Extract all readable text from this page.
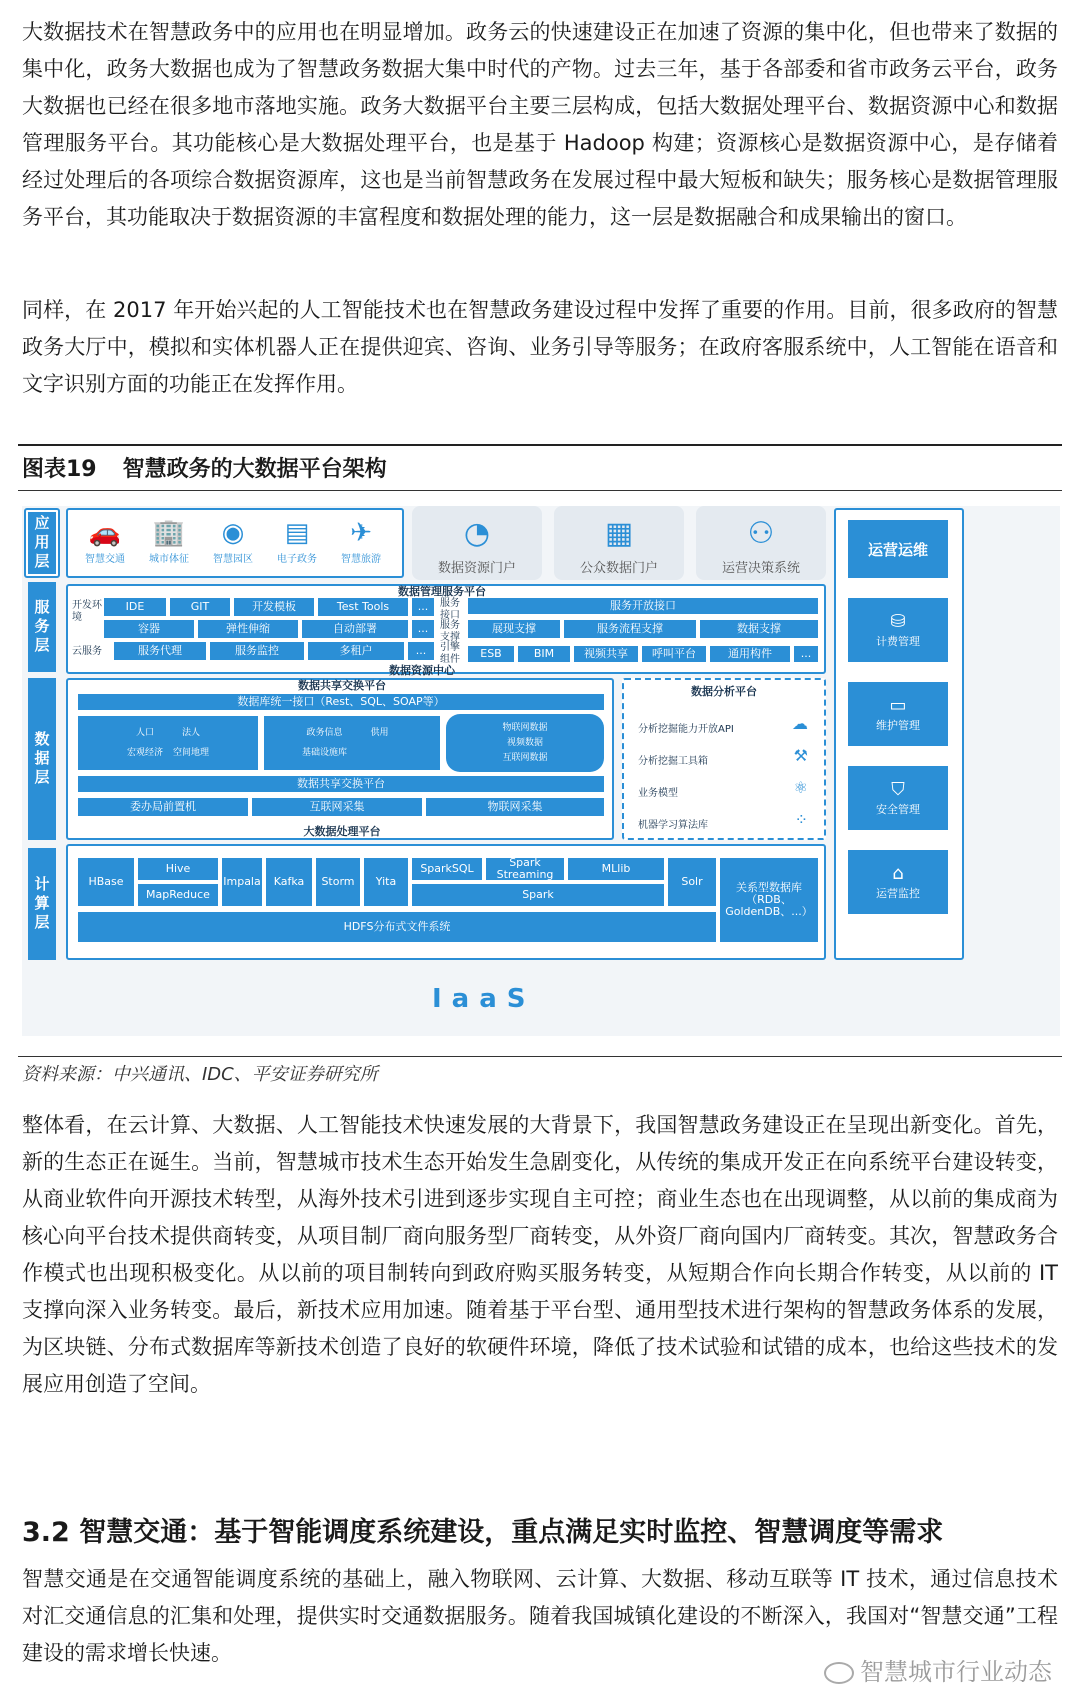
大数据技术在智慧政务中的应用也在明显增加。政务云的快速建设正在加速了资源的集中化，但也带来了数据的集中化，政务大数据也成为了智慧政务数据大集中时代的产物。过去三年，基于各部委和省市政务云平台，政务大数据也已经在很多地市落地实施。政务大数据平台主要三层构成，包括大数据处理平台、数据资源中心和数据管理服务平台。其功能核心是大数据处理平台，也是基于 Hadoop 构建；资源核心是数据资源中心，是存储着经过处理后的各项综合数据资源库，这也是当前智慧政务在发展过程中最大短板和缺失；服务核心是数据管理服务平台，其功能取决于数据资源的丰富程度和数据处理的能力，这一层是数据融合和成果输出的窗口。

同样，在 2017 年开始兴起的人工智能技术也在智慧政务建设过程中发挥了重要的作用。目前，很多政府的智慧政务大厅中，模拟和实体机器人正在提供迎宾、咨询、业务引导等服务；在政府客服系统中，人工智能在语音和文字识别方面的功能正在发挥作用。

图表19 智慧政务的大数据平台架构
应用层
服务层
数据层
计算层
🚗
智慧交通
🏢
城市体征
◉
智慧园区
▤
电子政务
✈
智慧旅游
◔
数据资源门户
▦
公众数据门户
⚇
运营决策系统
运营运维
⛁
计费管理
▭
维护管理
⛉
安全管理
⌂
运营监控
数据管理服务平台
开发环境
IDE	GIT	开发模板	Test Tools	...
容器	弹性伸缩	自动部署	...
云服务	服务代理	服务监控	多租户	...
服务接口
服务开放接口
服务支撑
展现支撑	服务流程支撑	数据支撑
引擎组件	ESB	BIM	视频共享	呼叫平台	通用构件	...
数据资源中心
数据共享交换平台
数据库统一接口（Rest、SQL、SOAP等）
人口	法人
宏观经济 空间地理
政务信息	供用
基础设施库
物联网数据
视频数据
互联网数据
数据共享交换平台
委办局前置机	互联网采集	物联网采集
大数据处理平台
数据分析平台
分析挖掘能力开放API	☁
分析挖掘工具箱	⚒
业务模型	⚛
机器学习算法库	⁘
HBase
Hive
MapReduce
Impala	Kafka	Storm	Yita
SparkSQL	Spark Streaming	MLlib
Spark
Solr	关系型数据库（RDB、GoldenDB、...）
HDFS分布式文件系统
IaaS
资料来源：中兴通讯、IDC、平安证券研究所

整体看，在云计算、大数据、人工智能技术快速发展的大背景下，我国智慧政务建设正在呈现出新变化。首先，新的生态正在诞生。当前，智慧城市技术生态开始发生急剧变化，从传统的集成开发正在向系统平台建设转变，从商业软件向开源技术转型，从海外技术引进到逐步实现自主可控；商业生态也在出现调整，从以前的集成商为核心向平台技术提供商转变，从项目制厂商向服务型厂商转变，从外资厂商向国内厂商转变。其次，智慧政务合作模式也出现积极变化。从以前的项目制转向到政府购买服务转变，从短期合作向长期合作转变，从以前的 IT 支撑向深入业务转变。最后，新技术应用加速。随着基于平台型、通用型技术进行架构的智慧政务体系的发展，为区块链、分布式数据库等新技术创造了良好的软硬件环境，降低了技术试验和试错的成本，也给这些技术的发展应用创造了空间。

3.2 智慧交通：基于智能调度系统建设，重点满足实时监控、智慧调度等需求

智慧交通是在交通智能调度系统的基础上，融入物联网、云计算、大数据、移动互联等 IT 技术，通过信息技术对汇交通信息的汇集和处理，提供实时交通数据服务。随着我国城镇化建设的不断深入，我国对“智慧交通”工程建设的需求增长快速。

智慧城市行业动态
